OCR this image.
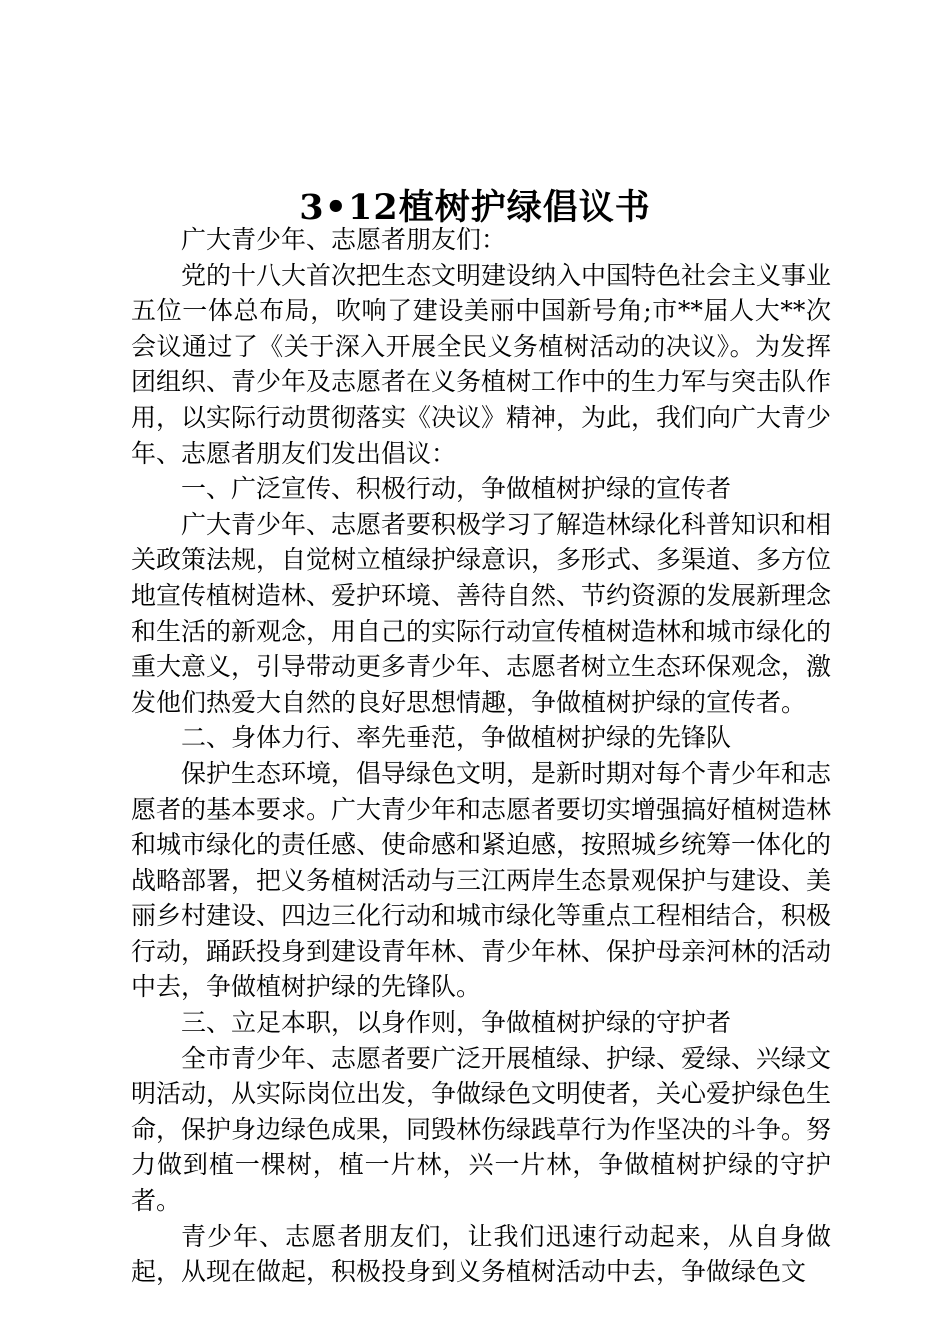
3•12植树护绿倡议书

广大青少年、志愿者朋友们：

党的十八大首次把生态文明建设纳入中国特色社会主义事业五位一体总布局，吹响了建设美丽中国新号角;市**届人大**次会议通过了《关于深入开展全民义务植树活动的决议》。为发挥团组织、青少年及志愿者在义务植树工作中的生力军与突击队作用，以实际行动贯彻落实《决议》精神，为此，我们向广大青少年、志愿者朋友们发出倡议：

一、广泛宣传、积极行动，争做植树护绿的宣传者

广大青少年、志愿者要积极学习了解造林绿化科普知识和相关政策法规，自觉树立植绿护绿意识，多形式、多渠道、多方位地宣传植树造林、爱护环境、善待自然、节约资源的发展新理念和生活的新观念，用自己的实际行动宣传植树造林和城市绿化的重大意义，引导带动更多青少年、志愿者树立生态环保观念，激发他们热爱大自然的良好思想情趣，争做植树护绿的宣传者。

二、身体力行、率先垂范，争做植树护绿的先锋队

保护生态环境，倡导绿色文明，是新时期对每个青少年和志愿者的基本要求。广大青少年和志愿者要切实增强搞好植树造林和城市绿化的责任感、使命感和紧迫感，按照城乡统筹一体化的战略部署，把义务植树活动与三江两岸生态景观保护与建设、美丽乡村建设、四边三化行动和城市绿化等重点工程相结合，积极行动，踊跃投身到建设青年林、青少年林、保护母亲河林的活动中去，争做植树护绿的先锋队。

三、立足本职，以身作则，争做植树护绿的守护者

全市青少年、志愿者要广泛开展植绿、护绿、爱绿、兴绿文明活动，从实际岗位出发，争做绿色文明使者，关心爱护绿色生命，保护身边绿色成果，同毁林伤绿践草行为作坚决的斗争。努力做到植一棵树，植一片林，兴一片林，争做植树护绿的守护者。

青少年、志愿者朋友们，让我们迅速行动起来，从自身做起，从现在做起，积极投身到义务植树活动中去，争做绿色文
